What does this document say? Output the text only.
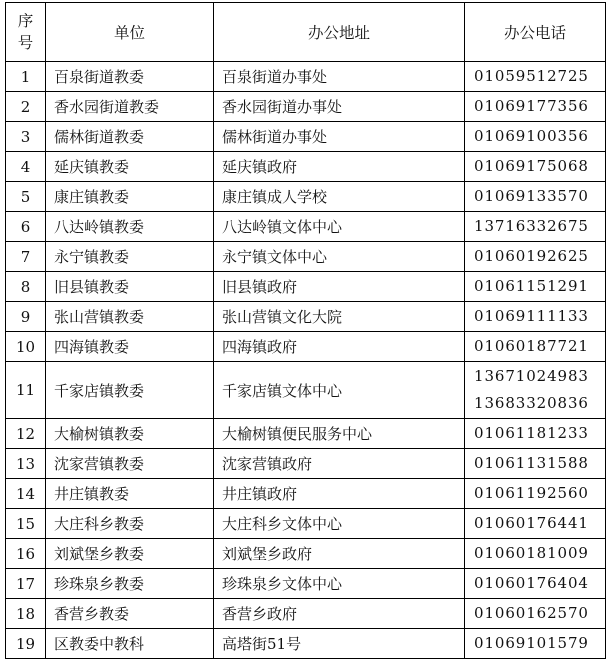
序
号	单位	办公地址	办公电话
1	百泉街道教委	百泉街道办事处	01059512725

2	香水园街道教委	香水园街道办事处	01069177356

3	儒林街道教委	儒林街道办事处	01069100356

4	延庆镇教委	延庆镇政府	01069175068

5	康庄镇教委	康庄镇成人学校	01069133570

6	八达岭镇教委	八达岭镇文体中心	13716332675

7	永宁镇教委	永宁镇文体中心	01060192625

8	旧县镇教委	旧县镇政府	01061151291

9	张山营镇教委	张山营镇文化大院	01069111133

10	四海镇教委	四海镇政府	01060187721

11	千家店镇教委	千家店镇文体中心	13671024983
13683320836

12	大榆树镇教委	大榆树镇便民服务中心	01061181233

13	沈家营镇教委	沈家营镇政府	01061131588

14	井庄镇教委	井庄镇政府	01061192560

15	大庄科乡教委	大庄科乡文体中心	01060176441

16	刘斌堡乡教委	刘斌堡乡政府	01060181009

17	珍珠泉乡教委	珍珠泉乡文体中心	01060176404

18	香营乡教委	香营乡政府	01060162570

19	区教委中教科	高塔街51号	01069101579
